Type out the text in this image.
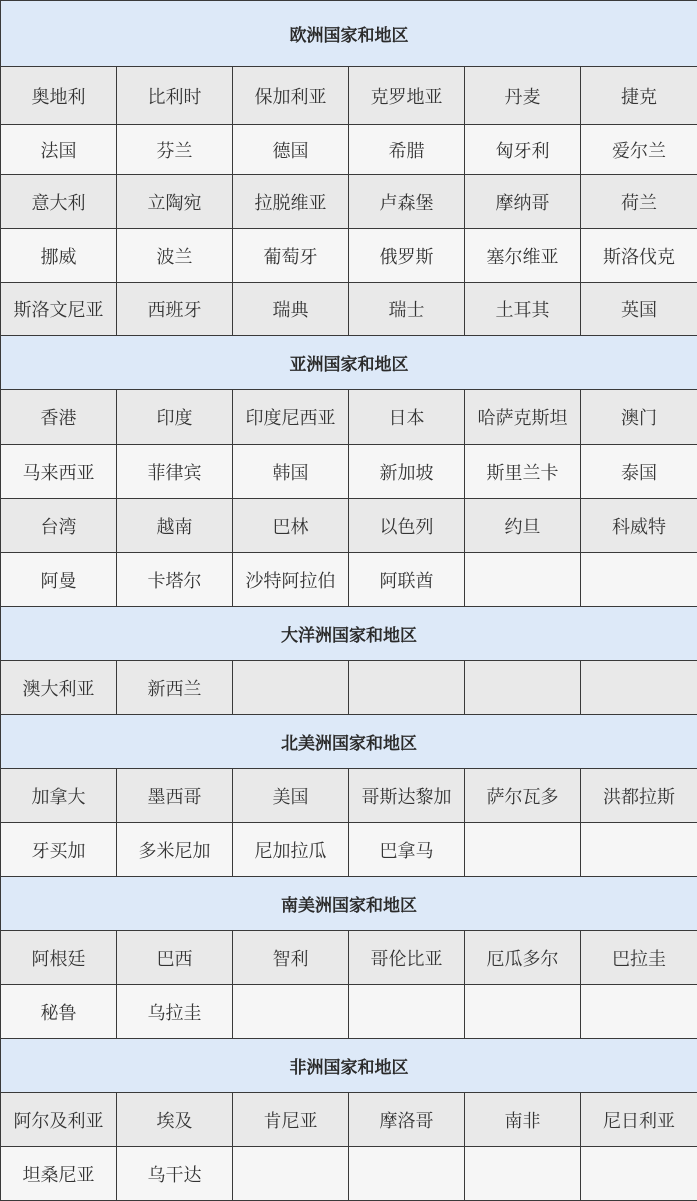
欧洲国家和地区					
奥地利	比利时	保加利亚	克罗地亚	丹麦	捷克
法国	芬兰	德国	希腊	匈牙利	爱尔兰
意大利	立陶宛	拉脱维亚	卢森堡	摩纳哥	荷兰
挪威	波兰	葡萄牙	俄罗斯	塞尔维亚	斯洛伐克
斯洛文尼亚	西班牙	瑞典	瑞士	土耳其	英国
亚洲国家和地区					
香港	印度	印度尼西亚	日本	哈萨克斯坦	澳门
马来西亚	菲律宾	韩国	新加坡	斯里兰卡	泰国
台湾	越南	巴林	以色列	约旦	科威特
阿曼	卡塔尔	沙特阿拉伯	阿联酋		
大洋洲国家和地区					
澳大利亚	新西兰				
北美洲国家和地区					
加拿大	墨西哥	美国	哥斯达黎加	萨尔瓦多	洪都拉斯
牙买加	多米尼加	尼加拉瓜	巴拿马		
南美洲国家和地区					
阿根廷	巴西	智利	哥伦比亚	厄瓜多尔	巴拉圭
秘鲁	乌拉圭				
非洲国家和地区					
阿尔及利亚	埃及	肯尼亚	摩洛哥	南非	尼日利亚
坦桑尼亚	乌干达				
